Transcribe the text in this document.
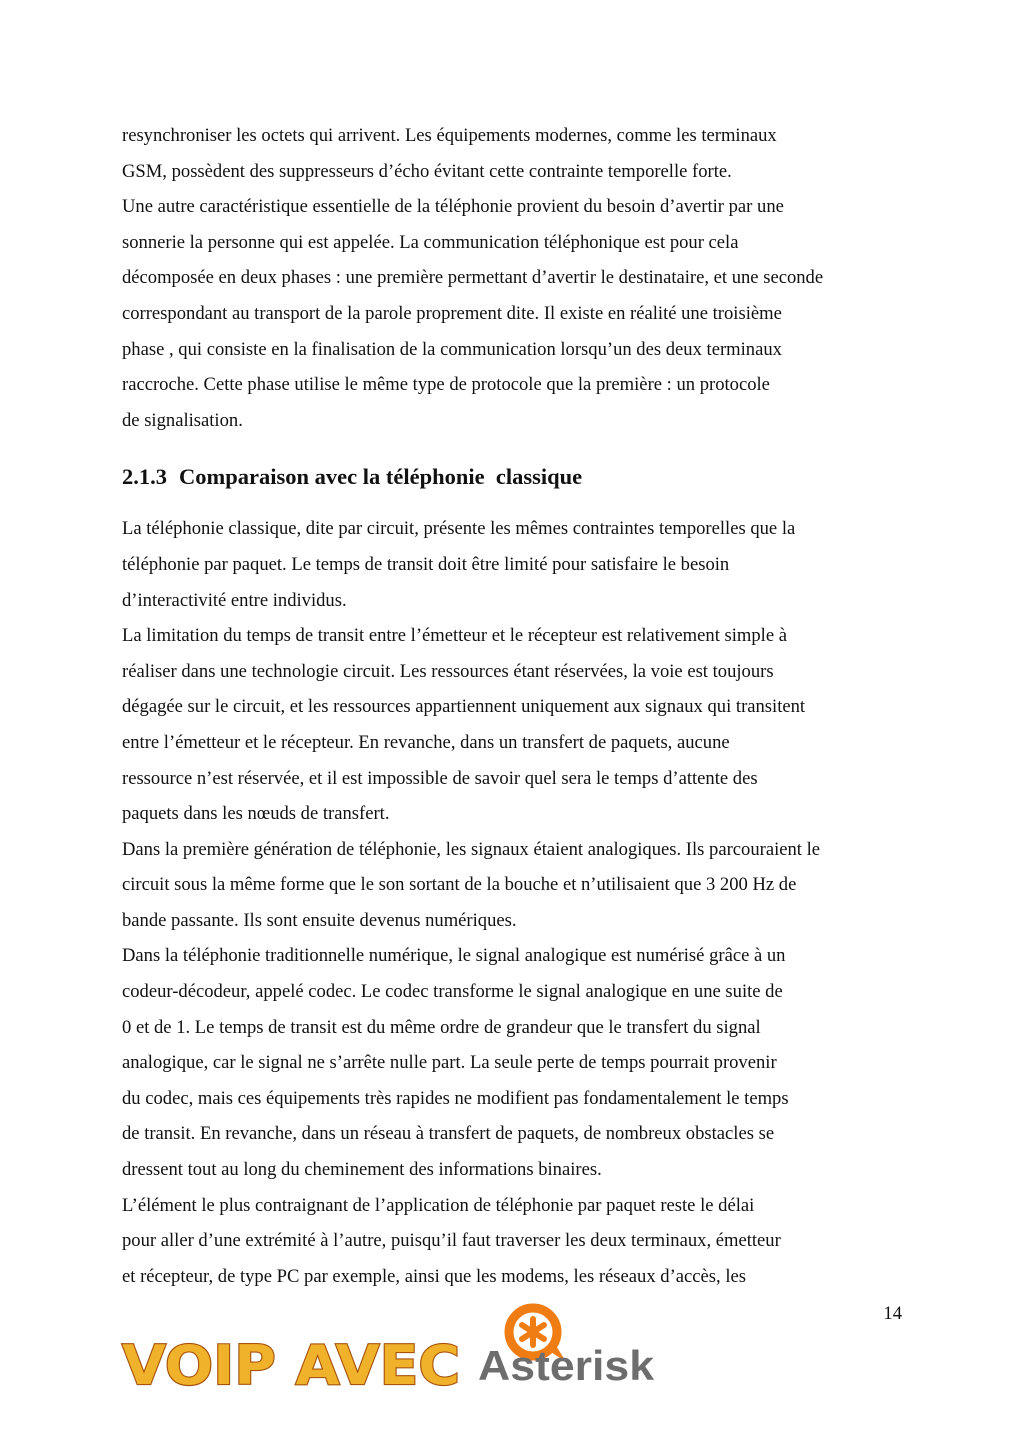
resynchroniser les octets qui arrivent. Les équipements modernes, comme les terminaux
GSM, possèdent des suppresseurs d’écho évitant cette contrainte temporelle forte.
Une autre caractéristique essentielle de la téléphonie provient du besoin d’avertir par une
sonnerie la personne qui est appelée. La communication téléphonique est pour cela
décomposée en deux phases : une première permettant d’avertir le destinataire, et une seconde
correspondant au transport de la parole proprement dite. Il existe en réalité une troisième
phase , qui consiste en la finalisation de la communication lorsqu’un des deux terminaux
raccroche. Cette phase utilise le même type de protocole que la première : un protocole
de signalisation.
2.1.3 Comparaison avec la téléphonie  classique
La téléphonie classique, dite par circuit, présente les mêmes contraintes temporelles que la
téléphonie par paquet. Le temps de transit doit être limité pour satisfaire le besoin
d’interactivité entre individus.
La limitation du temps de transit entre l’émetteur et le récepteur est relativement simple à
réaliser dans une technologie circuit. Les ressources étant réservées, la voie est toujours
dégagée sur le circuit, et les ressources appartiennent uniquement aux signaux qui transitent
entre l’émetteur et le récepteur. En revanche, dans un transfert de paquets, aucune
ressource n’est réservée, et il est impossible de savoir quel sera le temps d’attente des
paquets dans les nœuds de transfert.
Dans la première génération de téléphonie, les signaux étaient analogiques. Ils parcouraient le
circuit sous la même forme que le son sortant de la bouche et n’utilisaient que 3 200 Hz de
bande passante. Ils sont ensuite devenus numériques.
Dans la téléphonie traditionnelle numérique, le signal analogique est numérisé grâce à un
codeur-décodeur, appelé codec. Le codec transforme le signal analogique en une suite de
0 et de 1. Le temps de transit est du même ordre de grandeur que le transfert du signal
analogique, car le signal ne s’arrête nulle part. La seule perte de temps pourrait provenir
du codec, mais ces équipements très rapides ne modifient pas fondamentalement le temps
de transit. En revanche, dans un réseau à transfert de paquets, de nombreux obstacles se
dressent tout au long du cheminement des informations binaires.
L’élément le plus contraignant de l’application de téléphonie par paquet reste le délai
pour aller d’une extrémité à l’autre, puisqu’il faut traverser les deux terminaux, émetteur
et récepteur, de type PC par exemple, ainsi que les modems, les réseaux d’accès, les
14
VOIP AVEC Asterisk
